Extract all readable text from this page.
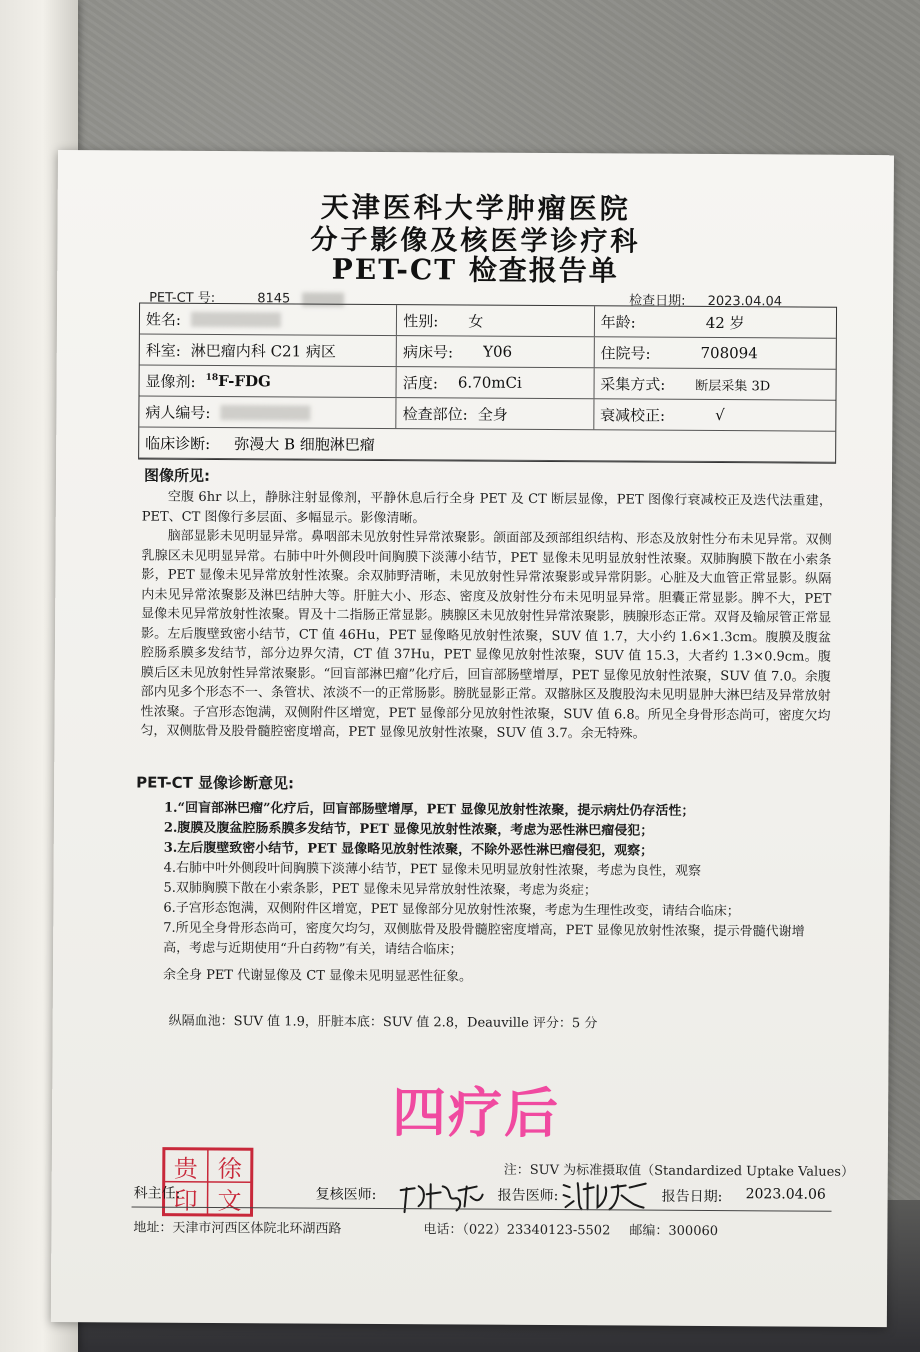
天津医科大学肿瘤医院
分子影像及核医学诊疗科
PET-CT 检查报告单
PET-CT 号:	8145	检查日期: 2023.04.04
姓名:	性别: 女	年龄:	42 岁
科室: 淋巴瘤内科 C21 病区	病床号: Y06	住院号:	708094
显像剂: $^{18}$F-FDG	活度: 6.70mCi	采集方式: 断层采集 3D
病人编号:	检查部位: 全身	衰减校正:	√
临床诊断: 弥漫大 B 细胞淋巴瘤
图像所见:

空腹 6hr 以上，静脉注射显像剂，平静休息后行全身 PET 及 CT 断层显像，PET 图像行衰减校正及迭代法重建，PET、CT 图像行多层面、多幅显示。影像清晰。

脑部显影未见明显异常。鼻咽部未见放射性异常浓聚影。颌面部及颈部组织结构、形态及放射性分布未见异常。双侧乳腺区未见明显异常。右肺中叶外侧段叶间胸膜下淡薄小结节，PET 显像未见明显放射性浓聚。双肺胸膜下散在小索条影，PET 显像未见异常放射性浓聚。余双肺野清晰，未见放射性异常浓聚影或异常阴影。心脏及大血管正常显影。纵隔内未见异常浓聚影及淋巴结肿大等。肝脏大小、形态、密度及放射性分布未见明显异常。胆囊正常显影。脾不大，PET 显像未见异常放射性浓聚。胃及十二指肠正常显影。胰腺区未见放射性异常浓聚影，胰腺形态正常。双肾及输尿管正常显影。左后腹壁致密小结节，CT 值 46Hu，PET 显像略见放射性浓聚，SUV 值 1.7，大小约 1.6×1.3cm。腹膜及腹盆腔肠系膜多发结节，部分边界欠清，CT 值 37Hu，PET 显像见放射性浓聚，SUV 值 15.3，大者约 1.3×0.9cm。腹膜后区未见放射性异常浓聚影。“回盲部淋巴瘤”化疗后，回盲部肠壁增厚，PET 显像见放射性浓聚，SUV 值 7.0。余腹部内见多个形态不一、条管状、浓淡不一的正常肠影。膀胱显影正常。双髂脉区及腹股沟未见明显肿大淋巴结及异常放射性浓聚。子宫形态饱满，双侧附件区增宽，PET 显像部分见放射性浓聚，SUV 值 6.8。所见全身骨形态尚可，密度欠均匀，双侧肱骨及股骨髓腔密度增高，PET 显像见放射性浓聚，SUV 值 3.7。余无特殊。

PET-CT 显像诊断意见:

1.“回盲部淋巴瘤”化疗后，回盲部肠壁增厚，PET 显像见放射性浓聚，提示病灶仍存活性；

2.腹膜及腹盆腔肠系膜多发结节，PET 显像见放射性浓聚，考虑为恶性淋巴瘤侵犯；

3.左后腹壁致密小结节，PET 显像略见放射性浓聚，不除外恶性淋巴瘤侵犯，观察；

4.右肺中叶外侧段叶间胸膜下淡薄小结节，PET 显像未见明显放射性浓聚，考虑为良性，观察

5.双肺胸膜下散在小索条影，PET 显像未见异常放射性浓聚，考虑为炎症；

6.子宫形态饱满，双侧附件区增宽，PET 显像部分见放射性浓聚，考虑为生理性改变，请结合临床；

7.所见全身骨形态尚可，密度欠均匀，双侧肱骨及股骨髓腔密度增高，PET 显像见放射性浓聚，提示骨髓代谢增高，考虑与近期使用“升白药物”有关，请结合临床；

余全身 PET 代谢显像及 CT 显像未见明显恶性征象。

纵隔血池：SUV 值 1.9，肝脏本底：SUV 值 2.8，Deauville 评分：5 分

四疗后
注：SUV 为标准摄取值（Standardized Uptake Values）
贵 徐
印 文
科主任:	复核医师:	报告医师:	报告日期: 2023.04.06
地址：天津市河西区体院北环湖西路	电话：（022）23340123-5502 邮编：300060
